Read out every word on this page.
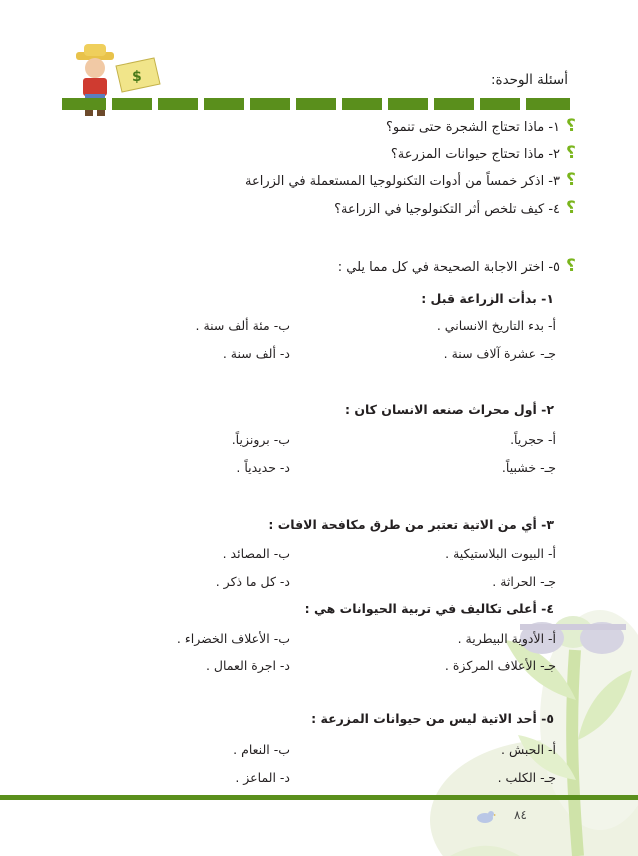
$	أسئلة الوحدة:
؟
؟
؟
؟
؟
١- ماذا تحتاج الشجرة حتى تنمو؟
٢- ماذا تحتاج حيوانات المزرعة؟
٣- اذكر خمساً من أدوات التكنولوجيا المستعملة في الزراعة
٤- كيف تلخص أثر التكنولوجيا في الزراعة؟
٥- اختر الاجابة الصحيحة في كل مما يلي :
١- بدأت الزراعة قبل :
أ- بدء التاريخ الانساني .
ب- مئة ألف سنة .
جـ- عشرة آلاف سنة .
د- ألف سنة .
٢- أول محراث صنعه الانسان كان :
أ- حجرياً.
ب- برونزياً.
جـ- خشبياً.
د- حديدياً .
٣- أي من الاتية تعتبر من طرق مكافحة الافات :
أ- البيوت البلاستيكية .
ب- المصائد .
جـ- الحراثة .
د- كل ما ذكر .
٤- أعلى تكاليف في تربية الحيوانات هي :
أ- الأدوية البيطرية .
ب- الأعلاف الخضراء .
جـ- الأعلاف المركزة .
د- اجرة العمال .
٥- أحد الاتية ليس من حيوانات المزرعة :
أ- الحبش .
ب- النعام .
جـ- الكلب .
د- الماعز .
٨٤
